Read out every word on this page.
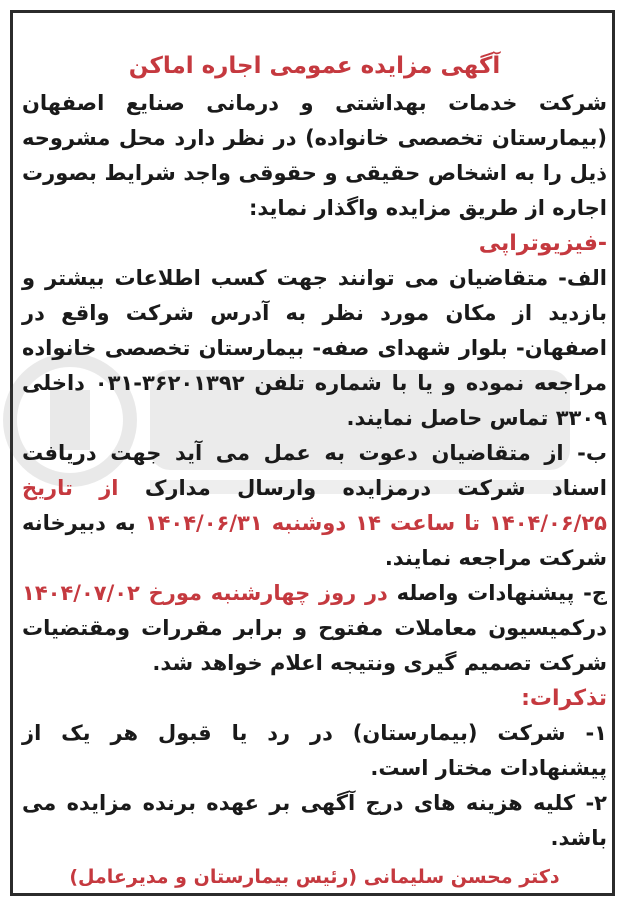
آگهی مزایده عمومی اجاره اماکن

شرکت خدمات بهداشتی و درمانی صنایع اصفهان (بیمارستان تخصصی خانواده) در نظر دارد محل مشروحه ذیل را به اشخاص حقیقی و حقوقی واجد شرایط بصورت اجاره از طریق مزایده واگذار نماید:

-فیزیوتراپی

الف- متقاضیان می توانند جهت کسب اطلاعات بیشتر و بازدید از مکان مورد نظر به آدرس شرکت واقع در اصفهان- بلوار شهدای صفه- بیمارستان تخصصی خانواده مراجعه نموده و یا با شماره تلفن ۳۶۲۰۱۳۹۲-۰۳۱ داخلی ۳۳۰۹ تماس حاصل نمایند.

ب- از متقاضیان دعوت به عمل می آید جهت دریافت اسناد شرکت درمزایده وارسال مدارک از تاریخ ۱۴۰۴/۰۶/۲۵ تا ساعت ۱۴ دوشنبه ۱۴۰۴/۰۶/۳۱ به دبیرخانه شرکت مراجعه نمایند.

ج- پیشنهادات واصله در روز چهارشنبه مورخ ۱۴۰۴/۰۷/۰۲ درکمیسیون معاملات مفتوح و برابر مقررات ومقتضیات شرکت تصمیم گیری ونتیجه اعلام خواهد شد.

تذکرات:

۱- شرکت (بیمارستان) در رد یا قبول هر یک از پیشنهادات مختار است.

۲- کلیه هزینه های درج آگهی بر عهده برنده مزایده می باشد.

دکتر محسن سلیمانی (رئیس بیمارستان و مدیرعامل)
